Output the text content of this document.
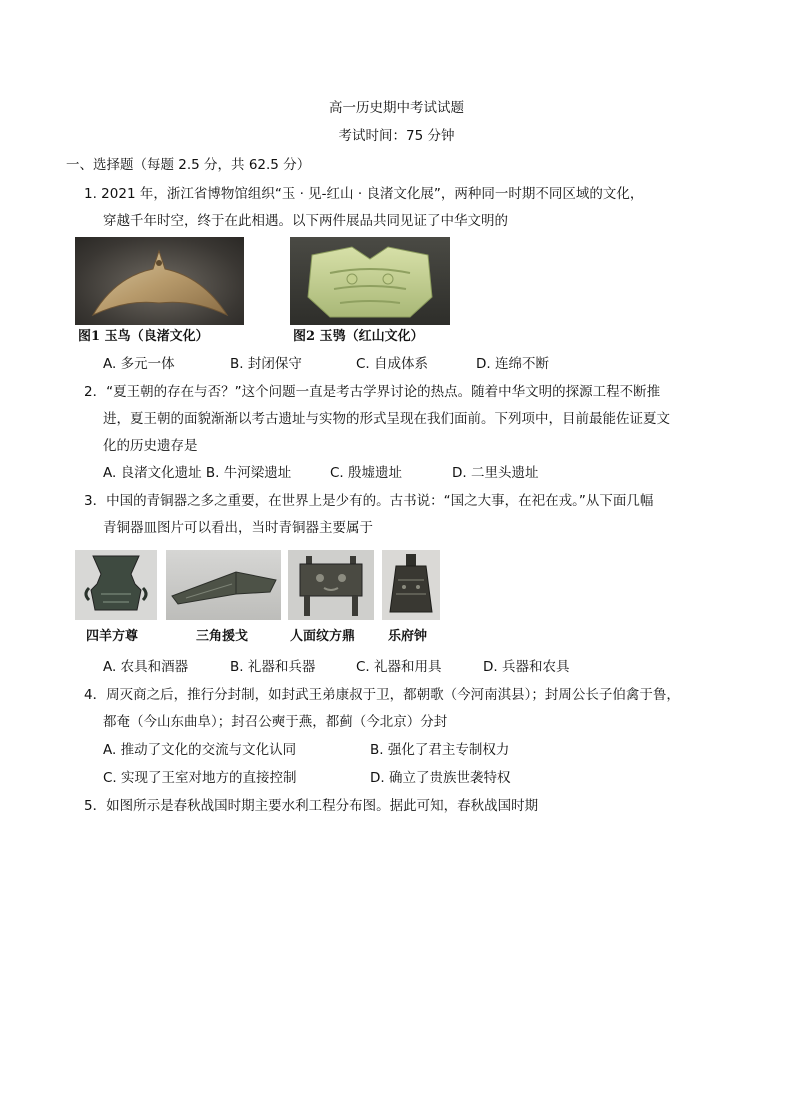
高一历史期中考试试题
考试时间：75 分钟
一、选择题（每题 2.5 分，共 62.5 分）
1. 2021 年，浙江省博物馆组织“玉 · 见-红山 · 良渚文化展”，两种同一时期不同区域的文化，
穿越千年时空，终于在此相遇。以下两件展品共同见证了中华文明的
图1 玉鸟（良渚文化）	图2 玉鸮（红山文化）
A. 多元一体	B. 封闭保守	C. 自成体系	D. 连绵不断
2．“夏王朝的存在与否？”这个问题一直是考古学界讨论的热点。随着中华文明的探源工程不断推
进，夏王朝的面貌渐渐以考古遗址与实物的形式呈现在我们面前。下列项中，目前最能佐证夏文
化的历史遗存是
A. 良渚文化遗址 B. 牛河梁遗址	C. 殷墟遗址	D. 二里头遗址
3．中国的青铜器之多之重要，在世界上是少有的。古书说：“国之大事，在祀在戎。”从下面几幅
青铜器皿图片可以看出，当时青铜器主要属于
四羊方尊	三角援戈	人面纹方鼎	乐府钟
A. 农具和酒器	B. 礼器和兵器	C. 礼器和用具	D. 兵器和农具
4．周灭商之后，推行分封制，如封武王弟康叔于卫，都朝歌（今河南淇县）；封周公长子伯禽于鲁，
都奄（今山东曲阜）；封召公奭于燕，都蓟（今北京）分封
A. 推动了文化的交流与文化认同	B. 强化了君主专制权力
C. 实现了王室对地方的直接控制	D. 确立了贵族世袭特权
5．如图所示是春秋战国时期主要水利工程分布图。据此可知，春秋战国时期
